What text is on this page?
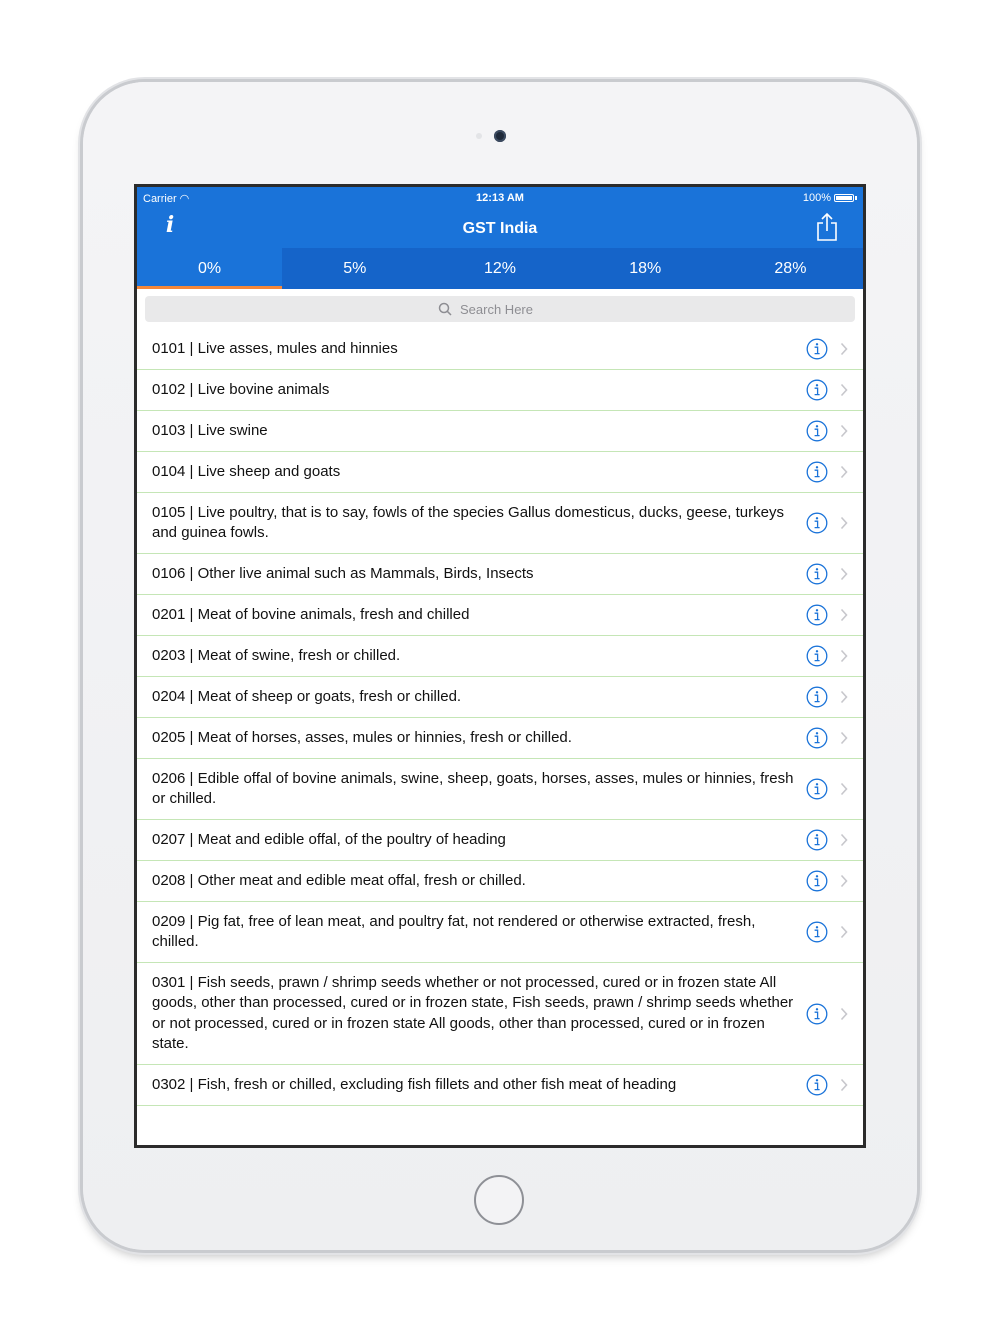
Carrier ◠	12:13 AM	100%
i	GST India
0%	5%	12%	18%	28%
Search Here
0101 | Live asses, mules and hinnies
0102 | Live bovine animals
0103 | Live swine
0104 | Live sheep and goats
0105 | Live poultry, that is to say, fowls of the species Gallus domesticus, ducks, geese, turkeys and guinea fowls.
0106 | Other live animal such as Mammals, Birds, Insects
0201 | Meat of bovine animals, fresh and chilled
0203 | Meat of swine, fresh or chilled.
0204 | Meat of sheep or goats, fresh or chilled.
0205 | Meat of horses, asses, mules or hinnies, fresh or chilled.
0206 | Edible offal of bovine animals, swine, sheep, goats, horses, asses, mules or hinnies, fresh or chilled.
0207 | Meat and edible offal, of the poultry of heading
0208 | Other meat and edible meat offal, fresh or chilled.
0209 | Pig fat, free of lean meat, and poultry fat, not rendered or otherwise extracted, fresh, chilled.
0301 | Fish seeds, prawn / shrimp seeds whether or not processed, cured or in frozen state All goods, other than processed, cured or in frozen state, Fish seeds, prawn / shrimp seeds whether or not processed, cured or in frozen state All goods, other than processed, cured or in frozen state.
0302 | Fish, fresh or chilled, excluding fish fillets and other fish meat of heading
